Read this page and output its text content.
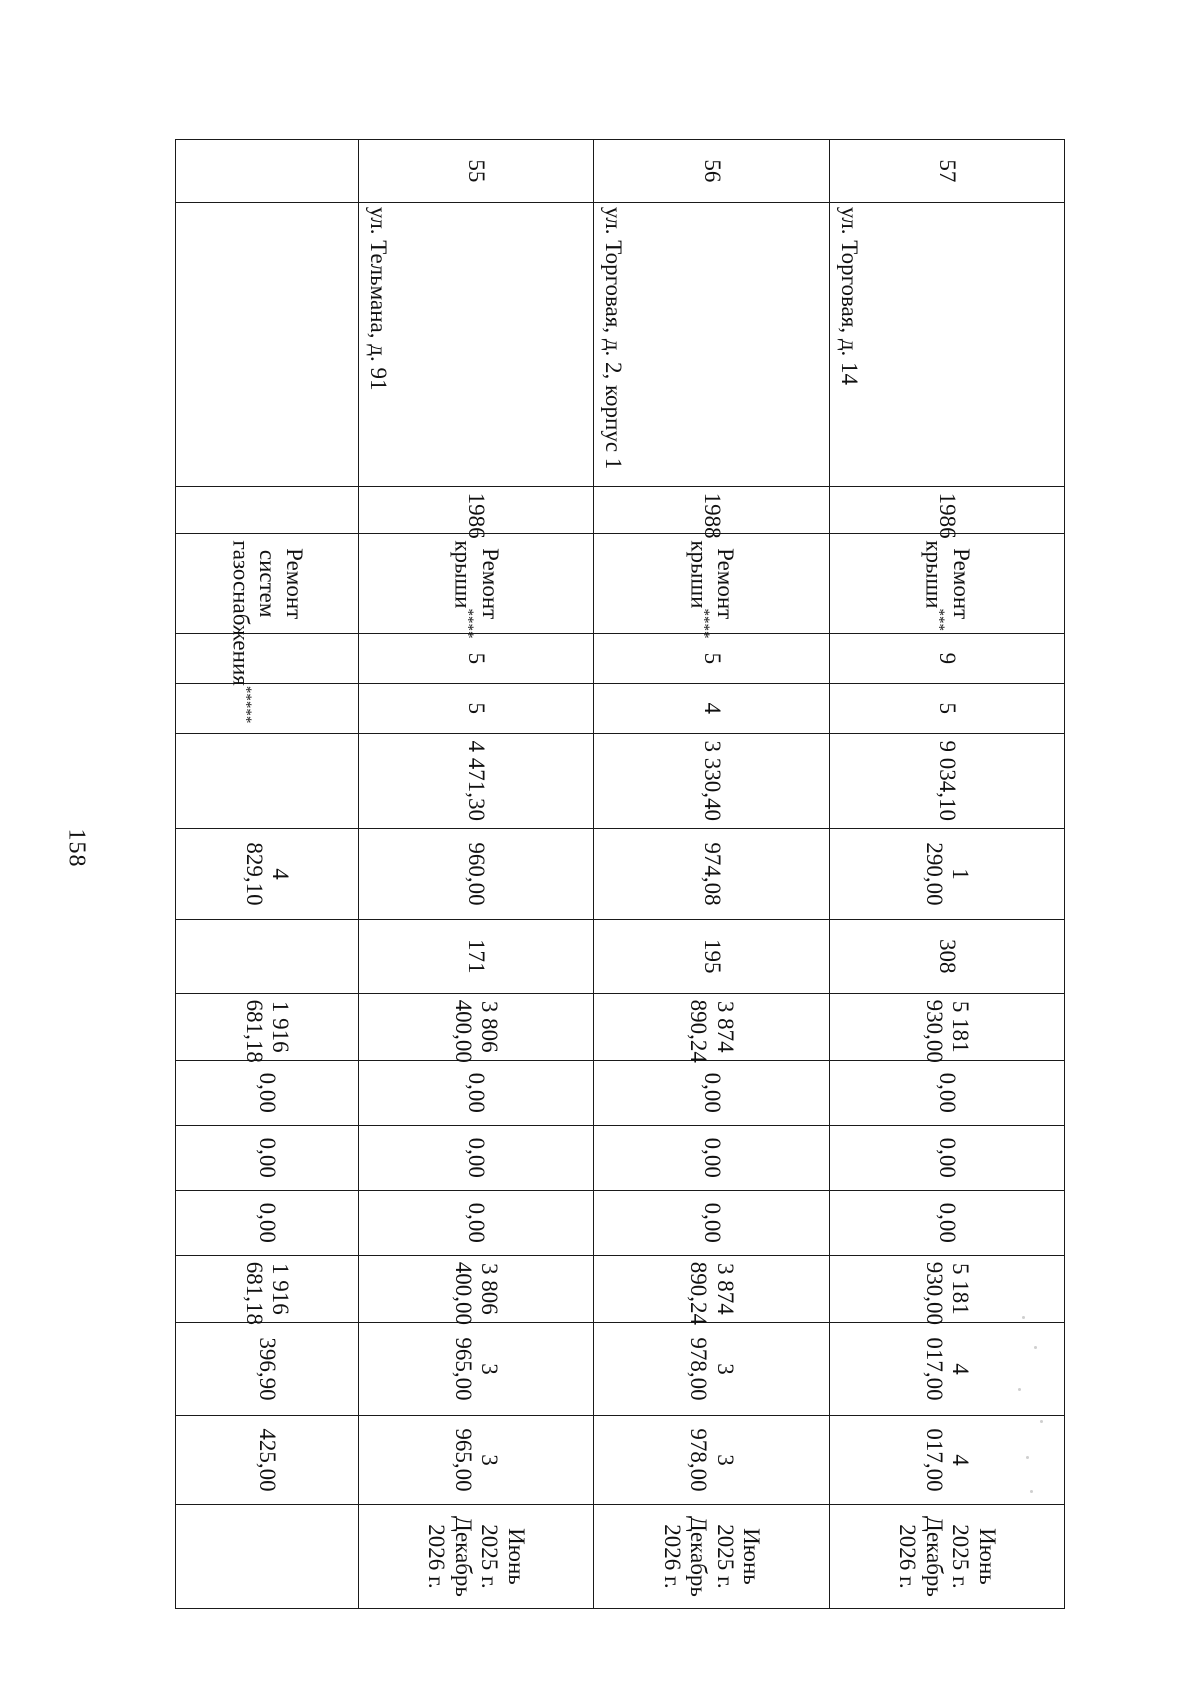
158
57	ул. Торговая, д. 14	1986	Ремонт крыши***	9	5	9 034,10	1 290,00	308	5 181 930,00	0,00	0,00	0,00	5 181 930,00	4 017,00	4 017,00	Июнь 2025 г.
Декабрь 2026 г.

56	ул. Торговая, д. 2, корпус 1	1988	Ремонт крыши****	5	4	3 330,40	974,08	195	3 874 890,24	0,00	0,00	0,00	3 874 890,24	3 978,00	3 978,00	Июнь 2025 г.
Декабрь 2026 г.

55	ул. Тельмана, д. 91	1986	Ремонт крыши****	5	5	4 471,30	960,00	171	3 806 400,00	0,00	0,00	0,00	3 806 400,00	3 965,00	3 965,00	Июнь 2025 г.
Декабрь 2026 г.

			Ремонт систем газоснабжения*****				4 829,10		1 916 681,18	0,00	0,00	0,00	1 916 681,18	396,90	425,00	
